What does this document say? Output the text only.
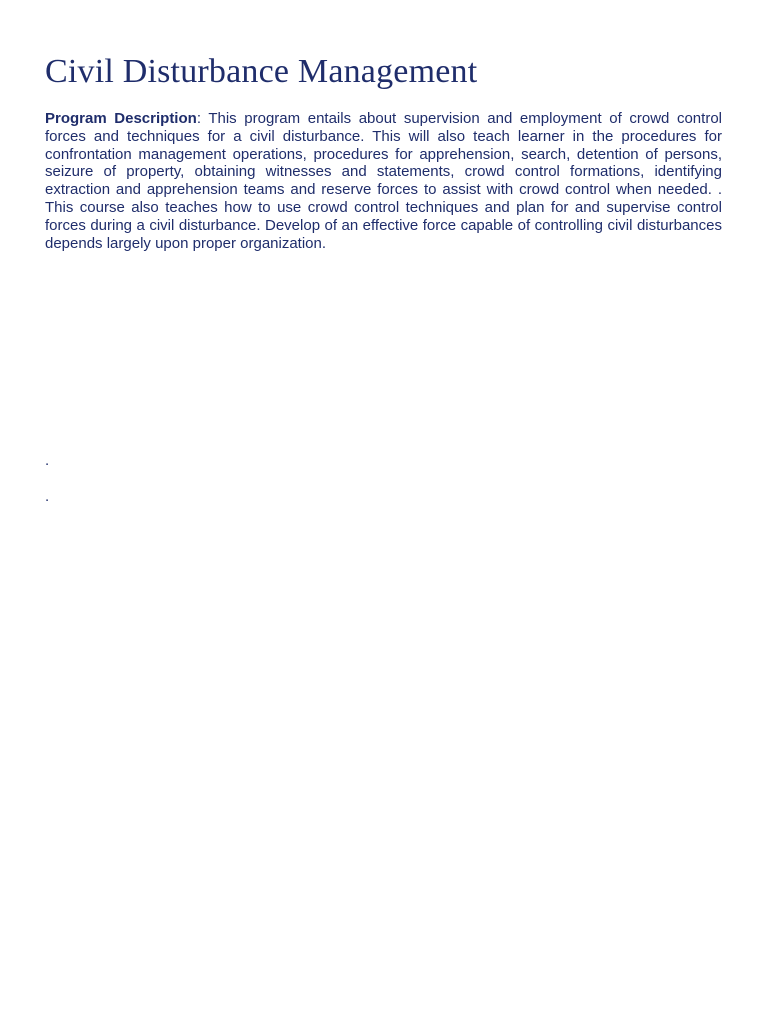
Civil Disturbance Management

Program Description: This program entails about supervision and employment of crowd control forces and techniques for a civil disturbance. This will also teach learner in the procedures for confrontation management operations, procedures for apprehension, search, detention of persons, seizure of property, obtaining witnesses and statements, crowd control formations, identifying extraction and apprehension teams and reserve forces to assist with crowd control when needed. . This course also teaches how to use crowd control techniques and plan for and supervise control forces during a civil disturbance. Develop of an effective force capable of controlling civil disturbances depends largely upon proper organization.

.
.
